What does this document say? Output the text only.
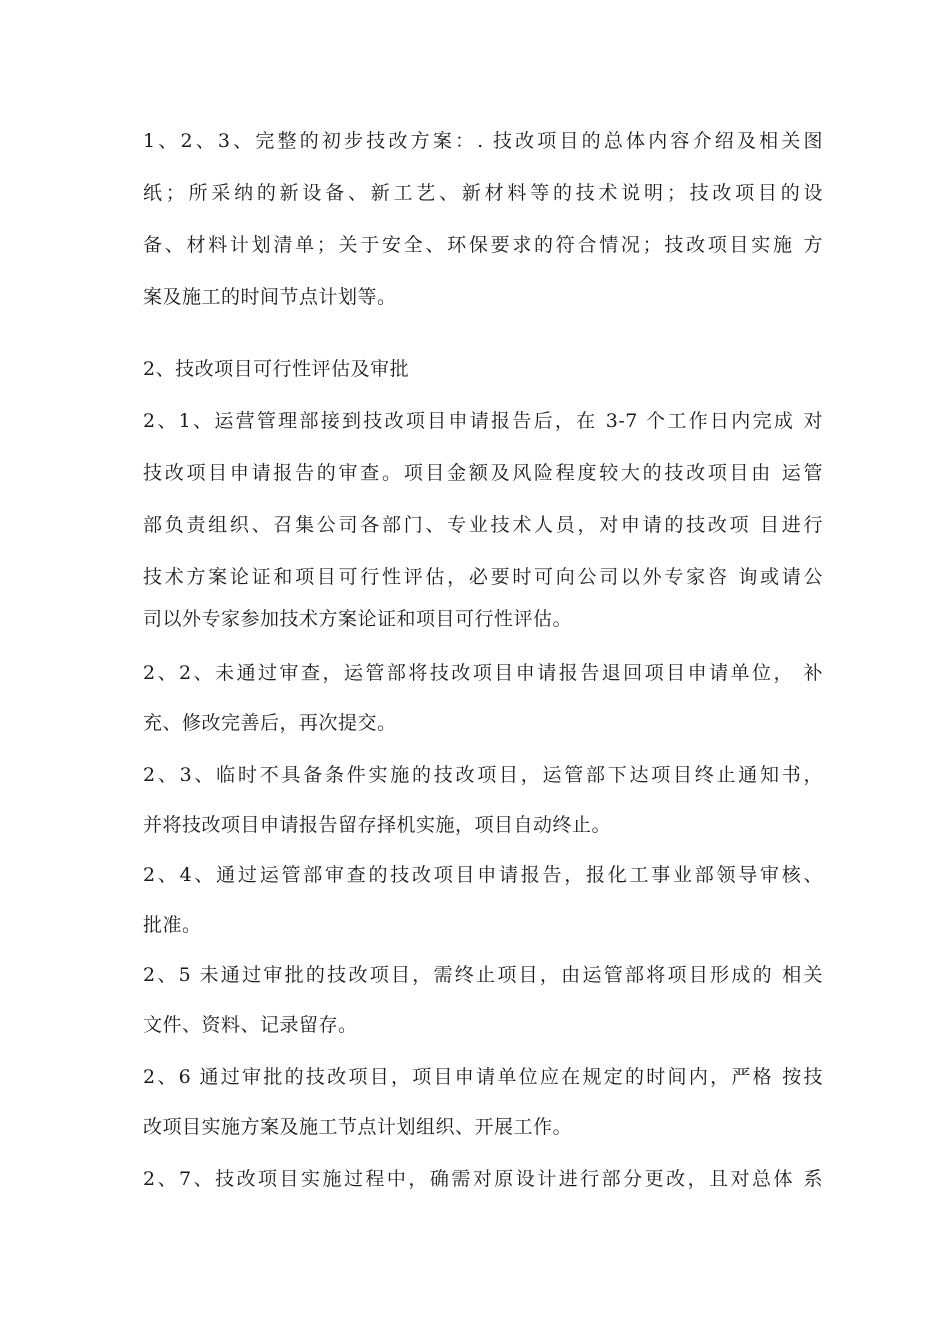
1、2、3、完整的初步技改方案：. 技改项目的总体内容介绍及相关图
纸；所采纳的新设备、新工艺、新材料等的技术说明；技改项目的设
备、材料计划清单；关于安全、环保要求的符合情况；技改项目实施 方
案及施工的时间节点计划等。
2、技改项目可行性评估及审批
2、1、运营管理部接到技改项目申请报告后，在 3-7 个工作日内完成 对
技改项目申请报告的审查。项目金额及风险程度较大的技改项目由 运管
部负责组织、召集公司各部门、专业技术人员，对申请的技改项 目进行
技术方案论证和项目可行性评估，必要时可向公司以外专家咨 询或请公
司以外专家参加技术方案论证和项目可行性评估。
2、2、未通过审查，运管部将技改项目申请报告退回项目申请单位， 补
充、修改完善后，再次提交。
2、3、临时不具备条件实施的技改项目，运管部下达项目终止通知书，
并将技改项目申请报告留存择机实施，项目自动终止。
2、4、通过运管部审查的技改项目申请报告，报化工事业部领导审核、
批准。
2、5 未通过审批的技改项目，需终止项目，由运管部将项目形成的 相关
文件、资料、记录留存。
2、6 通过审批的技改项目，项目申请单位应在规定的时间内，严格 按技
改项目实施方案及施工节点计划组织、开展工作。
2、7、技改项目实施过程中，确需对原设计进行部分更改，且对总体 系
